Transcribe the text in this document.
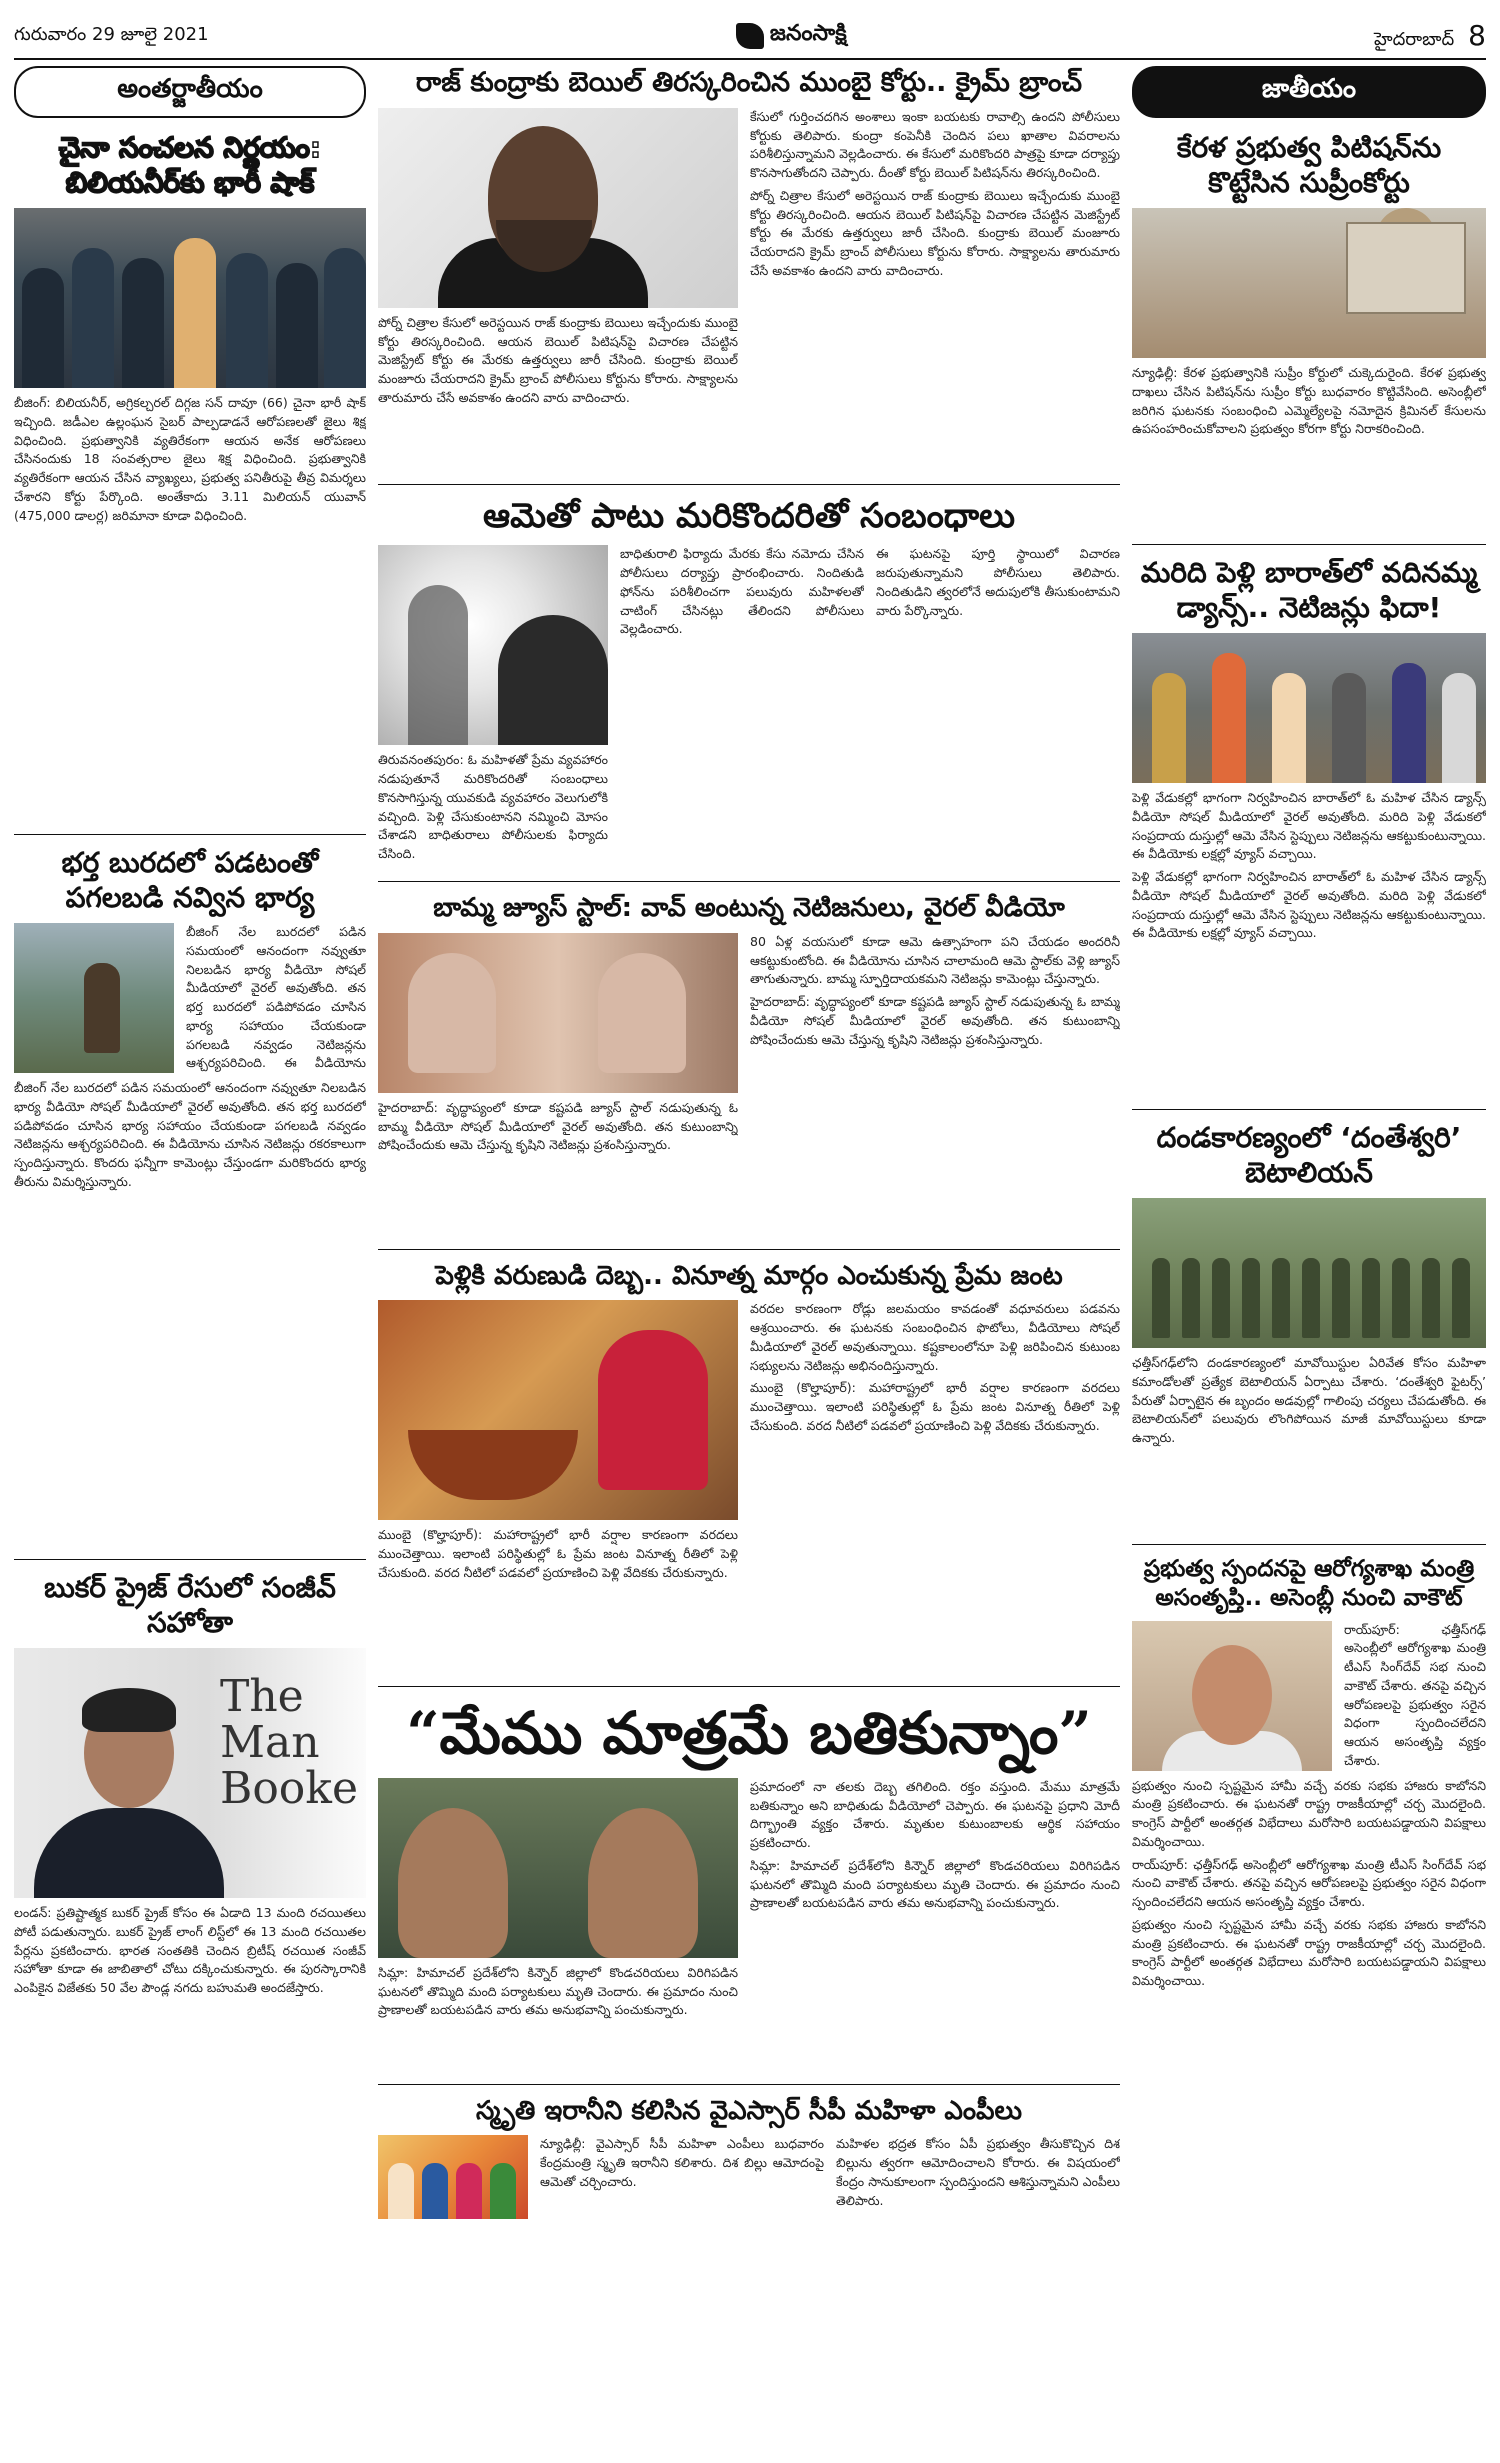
గురువారం 29 జూలై 2021	జనంసాక్షి	హైదరాబాద్ 8
అంతర్జాతీయం
చైనా సంచలన నిర్ణయం:
బిలియనీర్‌కు భారీ షాక్

బీజింగ్: బిలియనీర్, అగ్రికల్చరల్ దిగ్గజ సన్ దావూ (66) చైనా భారీ షాక్ ఇచ్చింది. జడీఎల ఉల్లంఘన సైబర్ పాల్పడాడనే ఆరోపణలతో జైలు శిక్ష విధించింది. ప్రభుత్వానికి వ్యతిరేకంగా ఆయన అనేక ఆరోపణలు చేసినందుకు 18 సంవత్సరాల జైలు శిక్ష విధించింది. ప్రభుత్వానికి వ్యతిరేకంగా ఆయన చేసిన వ్యాఖ్యలు, ప్రభుత్వ పనితీరుపై తీవ్ర విమర్శలు చేశారని కోర్టు పేర్కొంది. అంతేకాదు 3.11 మిలియన్ యువాన్ (475,000 డాలర్ల) జరిమానా కూడా విధించింది.

భర్త బురదలో పడటంతో
పగలబడి నవ్విన భార్య

బీజింగ్ నేల బురదలో పడిన సమయంలో ఆనందంగా నవ్వుతూ నిలబడిన భార్య వీడియో సోషల్ మీడియాలో వైరల్ అవుతోంది. తన భర్త బురదలో పడిపోవడం చూసిన భార్య సహాయం చేయకుండా పగలబడి నవ్వడం నెటిజన్లను ఆశ్చర్యపరిచింది. ఈ వీడియోను

బీజింగ్ నేల బురదలో పడిన సమయంలో ఆనందంగా నవ్వుతూ నిలబడిన భార్య వీడియో సోషల్ మీడియాలో వైరల్ అవుతోంది. తన భర్త బురదలో పడిపోవడం చూసిన భార్య సహాయం చేయకుండా పగలబడి నవ్వడం నెటిజన్లను ఆశ్చర్యపరిచింది. ఈ వీడియోను చూసిన నెటిజన్లు రకరకాలుగా స్పందిస్తున్నారు. కొందరు ఫన్నీగా కామెంట్లు చేస్తుండగా మరికొందరు భార్య తీరును విమర్శిస్తున్నారు.

బుకర్ ప్రైజ్ రేసులో సంజీవ్
సహోతా
The
Man
Booke

లండన్: ప్రతిష్టాత్మక బుకర్ ప్రైజ్ కోసం ఈ ఏడాది 13 మంది రచయితలు పోటీ పడుతున్నారు. బుకర్ ప్రైజ్ లాంగ్ లిస్ట్‌లో ఈ 13 మంది రచయితల పేర్లను ప్రకటించారు. భారత సంతతికి చెందిన బ్రిటీష్ రచయిత సంజీవ్ సహోతా కూడా ఈ జాబితాలో చోటు దక్కించుకున్నారు. ఈ పురస్కారానికి ఎంపికైన విజేతకు 50 వేల పౌండ్ల నగదు బహుమతి అందజేస్తారు.

రాజ్ కుంద్రాకు బెయిల్ తిరస్కరించిన ముంబై కోర్టు.. క్రైమ్ బ్రాంచ్

పోర్న్ చిత్రాల కేసులో అరెస్టయిన రాజ్ కుంద్రాకు బెయిలు ఇచ్చేందుకు ముంబై కోర్టు తిరస్కరించింది. ఆయన బెయిల్ పిటిషన్‌పై విచారణ చేపట్టిన మెజిస్ట్రేట్ కోర్టు ఈ మేరకు ఉత్తర్వులు జారీ చేసింది. కుంద్రాకు బెయిల్ మంజూరు చేయరాదని క్రైమ్ బ్రాంచ్ పోలీసులు కోర్టును కోరారు. సాక్ష్యాలను తారుమారు చేసే అవకాశం ఉందని వారు వాదించారు.

కేసులో గుర్తించదగిన అంశాలు ఇంకా బయటకు రావాల్సి ఉందని పోలీసులు కోర్టుకు తెలిపారు. కుంద్రా కంపెనీకి చెందిన పలు ఖాతాల వివరాలను పరిశీలిస్తున్నామని వెల్లడించారు. ఈ కేసులో మరికొందరి పాత్రపై కూడా దర్యాప్తు కొనసాగుతోందని చెప్పారు. దీంతో కోర్టు బెయిల్ పిటిషన్‌ను తిరస్కరించింది.

పోర్న్ చిత్రాల కేసులో అరెస్టయిన రాజ్ కుంద్రాకు బెయిలు ఇచ్చేందుకు ముంబై కోర్టు తిరస్కరించింది. ఆయన బెయిల్ పిటిషన్‌పై విచారణ చేపట్టిన మెజిస్ట్రేట్ కోర్టు ఈ మేరకు ఉత్తర్వులు జారీ చేసింది. కుంద్రాకు బెయిల్ మంజూరు చేయరాదని క్రైమ్ బ్రాంచ్ పోలీసులు కోర్టును కోరారు. సాక్ష్యాలను తారుమారు చేసే అవకాశం ఉందని వారు వాదించారు.

ఆమెతో పాటు మరికొందరితో సంబంధాలు

తిరువనంతపురం: ఓ మహిళతో ప్రేమ వ్యవహారం నడుపుతూనే మరికొందరితో సంబంధాలు కొనసాగిస్తున్న యువకుడి వ్యవహారం వెలుగులోకి వచ్చింది. పెళ్లి చేసుకుంటానని నమ్మించి మోసం చేశాడని బాధితురాలు పోలీసులకు ఫిర్యాదు చేసింది.

బాధితురాలి ఫిర్యాదు మేరకు కేసు నమోదు చేసిన పోలీసులు దర్యాప్తు ప్రారంభించారు. నిందితుడి ఫోన్‌ను పరిశీలించగా పలువురు మహిళలతో చాటింగ్ చేసినట్లు తేలిందని పోలీసులు వెల్లడించారు.

ఈ ఘటనపై పూర్తి స్థాయిలో విచారణ జరుపుతున్నామని పోలీసులు తెలిపారు. నిందితుడిని త్వరలోనే అదుపులోకి తీసుకుంటామని వారు పేర్కొన్నారు.

బామ్మ జ్యూస్ స్టాల్: వావ్ అంటున్న నెటిజనులు, వైరల్ వీడియో

హైదరాబాద్: వృద్ధాప్యంలో కూడా కష్టపడి జ్యూస్ స్టాల్ నడుపుతున్న ఓ బామ్మ వీడియో సోషల్ మీడియాలో వైరల్ అవుతోంది. తన కుటుంబాన్ని పోషించేందుకు ఆమె చేస్తున్న కృషిని నెటిజన్లు ప్రశంసిస్తున్నారు.

80 ఏళ్ల వయసులో కూడా ఆమె ఉత్సాహంగా పని చేయడం అందరినీ ఆకట్టుకుంటోంది. ఈ వీడియోను చూసిన చాలామంది ఆమె స్టాల్‌కు వెళ్లి జ్యూస్ తాగుతున్నారు. బామ్మ స్ఫూర్తిదాయకమని నెటిజన్లు కామెంట్లు చేస్తున్నారు.

హైదరాబాద్: వృద్ధాప్యంలో కూడా కష్టపడి జ్యూస్ స్టాల్ నడుపుతున్న ఓ బామ్మ వీడియో సోషల్ మీడియాలో వైరల్ అవుతోంది. తన కుటుంబాన్ని పోషించేందుకు ఆమె చేస్తున్న కృషిని నెటిజన్లు ప్రశంసిస్తున్నారు.

పెళ్లికి వరుణుడి దెబ్బ.. వినూత్న మార్గం ఎంచుకున్న ప్రేమ జంట

ముంబై (కొల్హాపూర్): మహారాష్ట్రలో భారీ వర్షాల కారణంగా వరదలు ముంచెత్తాయి. ఇలాంటి పరిస్థితుల్లో ఓ ప్రేమ జంట వినూత్న రీతిలో పెళ్లి చేసుకుంది. వరద నీటిలో పడవలో ప్రయాణించి పెళ్లి వేదికకు చేరుకున్నారు.

వరదల కారణంగా రోడ్లు జలమయం కావడంతో వధూవరులు పడవను ఆశ్రయించారు. ఈ ఘటనకు సంబంధించిన ఫొటోలు, వీడియోలు సోషల్ మీడియాలో వైరల్ అవుతున్నాయి. కష్టకాలంలోనూ పెళ్లి జరిపించిన కుటుంబ సభ్యులను నెటిజన్లు అభినందిస్తున్నారు.

ముంబై (కొల్హాపూర్): మహారాష్ట్రలో భారీ వర్షాల కారణంగా వరదలు ముంచెత్తాయి. ఇలాంటి పరిస్థితుల్లో ఓ ప్రేమ జంట వినూత్న రీతిలో పెళ్లి చేసుకుంది. వరద నీటిలో పడవలో ప్రయాణించి పెళ్లి వేదికకు చేరుకున్నారు.

“మేము మాత్రమే బతికున్నాం”

సిమ్లా: హిమాచల్ ప్రదేశ్‌లోని కిన్నౌర్ జిల్లాలో కొండచరియలు విరిగిపడిన ఘటనలో తొమ్మిది మంది పర్యాటకులు మృతి చెందారు. ఈ ప్రమాదం నుంచి ప్రాణాలతో బయటపడిన వారు తమ అనుభవాన్ని పంచుకున్నారు.

ప్రమాదంలో నా తలకు దెబ్బ తగిలింది. రక్తం వస్తుంది. మేము మాత్రమే బతికున్నాం అని బాధితుడు వీడియోలో చెప్పారు. ఈ ఘటనపై ప్రధాని మోదీ దిగ్భ్రాంతి వ్యక్తం చేశారు. మృతుల కుటుంబాలకు ఆర్థిక సహాయం ప్రకటించారు.

సిమ్లా: హిమాచల్ ప్రదేశ్‌లోని కిన్నౌర్ జిల్లాలో కొండచరియలు విరిగిపడిన ఘటనలో తొమ్మిది మంది పర్యాటకులు మృతి చెందారు. ఈ ప్రమాదం నుంచి ప్రాణాలతో బయటపడిన వారు తమ అనుభవాన్ని పంచుకున్నారు.

స్మృతి ఇరానీని కలిసిన వైఎస్సార్ సీపీ మహిళా ఎంపీలు

న్యూఢిల్లీ: వైఎస్సార్ సీపీ మహిళా ఎంపీలు బుధవారం కేంద్రమంత్రి స్మృతి ఇరానీని కలిశారు. దిశ బిల్లు ఆమోదంపై ఆమెతో చర్చించారు.

మహిళల భద్రత కోసం ఏపీ ప్రభుత్వం తీసుకొచ్చిన దిశ బిల్లును త్వరగా ఆమోదించాలని కోరారు. ఈ విషయంలో కేంద్రం సానుకూలంగా స్పందిస్తుందని ఆశిస్తున్నామని ఎంపీలు తెలిపారు.

జాతీయం
కేరళ ప్రభుత్వ పిటిషన్‌ను
కొట్టేసిన సుప్రీంకోర్టు

న్యూఢిల్లీ: కేరళ ప్రభుత్వానికి సుప్రీం కోర్టులో చుక్కెదురైంది. కేరళ ప్రభుత్వ దాఖలు చేసిన పిటిషన్‌ను సుప్రీం కోర్టు బుధవారం కొట్టివేసింది. అసెంబ్లీలో జరిగిన ఘటనకు సంబంధించి ఎమ్మెల్యేలపై నమోదైన క్రిమినల్ కేసులను ఉపసంహరించుకోవాలని ప్రభుత్వం కోరగా కోర్టు నిరాకరించింది.

మరిది పెళ్లి బారాత్‌లో వదినమ్మ
డ్యాన్స్.. నెటిజన్లు ఫిదా!

పెళ్లి వేడుకల్లో భాగంగా నిర్వహించిన బారాత్‌లో ఓ మహిళ చేసిన డ్యాన్స్ వీడియో సోషల్ మీడియాలో వైరల్ అవుతోంది. మరిది పెళ్లి వేడుకలో సంప్రదాయ దుస్తుల్లో ఆమె వేసిన స్టెప్పులు నెటిజన్లను ఆకట్టుకుంటున్నాయి. ఈ వీడియోకు లక్షల్లో వ్యూస్ వచ్చాయి.

పెళ్లి వేడుకల్లో భాగంగా నిర్వహించిన బారాత్‌లో ఓ మహిళ చేసిన డ్యాన్స్ వీడియో సోషల్ మీడియాలో వైరల్ అవుతోంది. మరిది పెళ్లి వేడుకలో సంప్రదాయ దుస్తుల్లో ఆమె వేసిన స్టెప్పులు నెటిజన్లను ఆకట్టుకుంటున్నాయి. ఈ వీడియోకు లక్షల్లో వ్యూస్ వచ్చాయి.

దండకారణ్యంలో ‘దంతేశ్వరి’
బెటాలియన్

ఛత్తీస్‌గఢ్‌లోని దండకారణ్యంలో మావోయిస్టుల ఏరివేత కోసం మహిళా కమాండోలతో ప్రత్యేక బెటాలియన్ ఏర్పాటు చేశారు. ‘దంతేశ్వరి ఫైటర్స్’ పేరుతో ఏర్పాటైన ఈ బృందం అడవుల్లో గాలింపు చర్యలు చేపడుతోంది. ఈ బెటాలియన్‌లో పలువురు లొంగిపోయిన మాజీ మావోయిస్టులు కూడా ఉన్నారు.

ప్రభుత్వ స్పందనపై ఆరోగ్యశాఖ మంత్రి
అసంతృప్తి.. అసెంబ్లీ నుంచి వాకౌట్

రాయ్‌పూర్: ఛత్తీస్‌గఢ్ అసెంబ్లీలో ఆరోగ్యశాఖ మంత్రి టీఎస్ సింగ్‌దేవ్ సభ నుంచి వాకౌట్ చేశారు. తనపై వచ్చిన ఆరోపణలపై ప్రభుత్వం సరైన విధంగా స్పందించలేదని ఆయన అసంతృప్తి వ్యక్తం చేశారు.

ప్రభుత్వం నుంచి స్పష్టమైన హామీ వచ్చే వరకు సభకు హాజరు కాబోనని మంత్రి ప్రకటించారు. ఈ ఘటనతో రాష్ట్ర రాజకీయాల్లో చర్చ మొదలైంది. కాంగ్రెస్ పార్టీలో అంతర్గత విభేదాలు మరోసారి బయటపడ్డాయని విపక్షాలు విమర్శించాయి.

రాయ్‌పూర్: ఛత్తీస్‌గఢ్ అసెంబ్లీలో ఆరోగ్యశాఖ మంత్రి టీఎస్ సింగ్‌దేవ్ సభ నుంచి వాకౌట్ చేశారు. తనపై వచ్చిన ఆరోపణలపై ప్రభుత్వం సరైన విధంగా స్పందించలేదని ఆయన అసంతృప్తి వ్యక్తం చేశారు.

ప్రభుత్వం నుంచి స్పష్టమైన హామీ వచ్చే వరకు సభకు హాజరు కాబోనని మంత్రి ప్రకటించారు. ఈ ఘటనతో రాష్ట్ర రాజకీయాల్లో చర్చ మొదలైంది. కాంగ్రెస్ పార్టీలో అంతర్గత విభేదాలు మరోసారి బయటపడ్డాయని విపక్షాలు విమర్శించాయి.
